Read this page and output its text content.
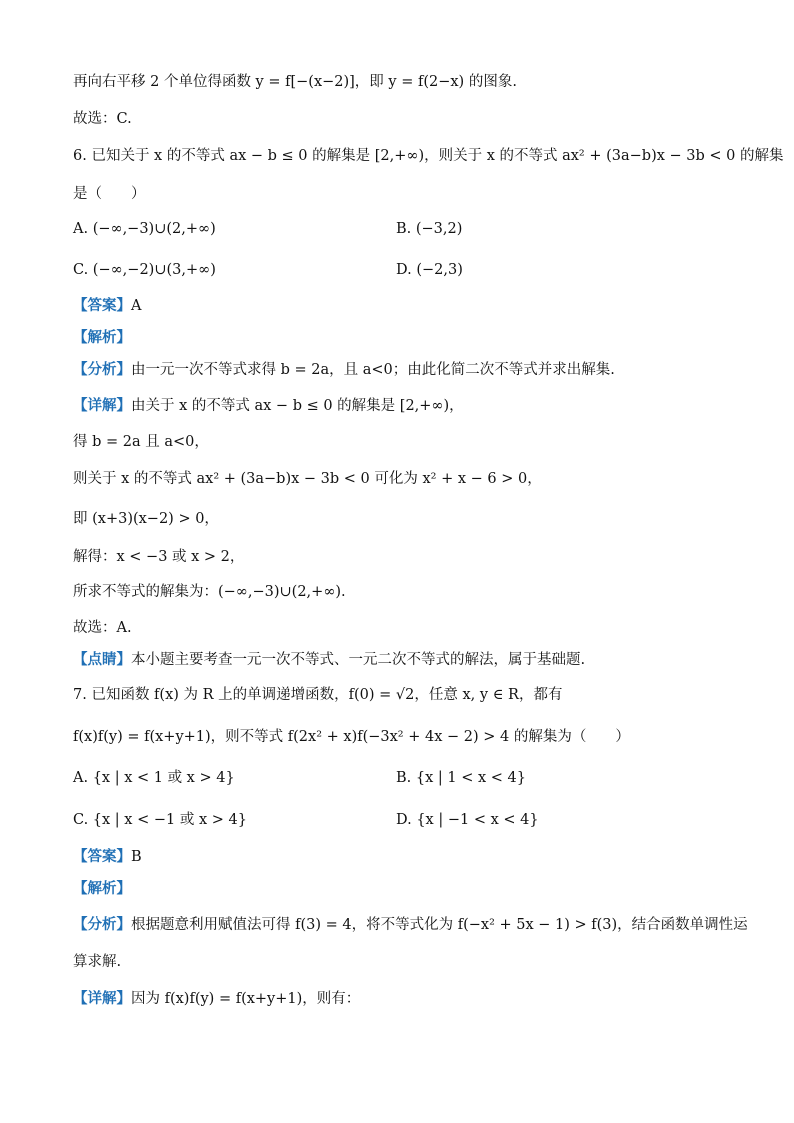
再向右平移 2 个单位得函数 y = f[−(x−2)]，即 y = f(2−x) 的图象.
故选：C.
6. 已知关于 x 的不等式 ax − b ≤ 0 的解集是 [2,+∞)，则关于 x 的不等式 ax² + (3a−b)x − 3b < 0 的解集
是（　　）
A. (−∞,−3)∪(2,+∞)	B. (−3,2)
C. (−∞,−2)∪(3,+∞)	D. (−2,3)
【答案】A
【解析】
【分析】由一元一次不等式求得 b = 2a，且 a<0；由此化简二次不等式并求出解集.
【详解】由关于 x 的不等式 ax − b ≤ 0 的解集是 [2,+∞)，
得 b = 2a 且 a<0，
则关于 x 的不等式 ax² + (3a−b)x − 3b < 0 可化为 x² + x − 6 > 0，
即 (x+3)(x−2) > 0，
解得：x < −3 或 x > 2，
所求不等式的解集为：(−∞,−3)∪(2,+∞).
故选：A.
【点睛】本小题主要考查一元一次不等式、一元二次不等式的解法，属于基础题.
7. 已知函数 f(x) 为 R 上的单调递增函数，f(0) = √2，任意 x, y ∈ R，都有
f(x)f(y) = f(x+y+1)，则不等式 f(2x² + x)f(−3x² + 4x − 2) > 4 的解集为（　　）
A. {x | x < 1 或 x > 4}	B. {x | 1 < x < 4}
C. {x | x < −1 或 x > 4}	D. {x | −1 < x < 4}
【答案】B
【解析】
【分析】根据题意利用赋值法可得 f(3) = 4，将不等式化为 f(−x² + 5x − 1) > f(3)，结合函数单调性运
算求解.
【详解】因为 f(x)f(y) = f(x+y+1)，则有：
